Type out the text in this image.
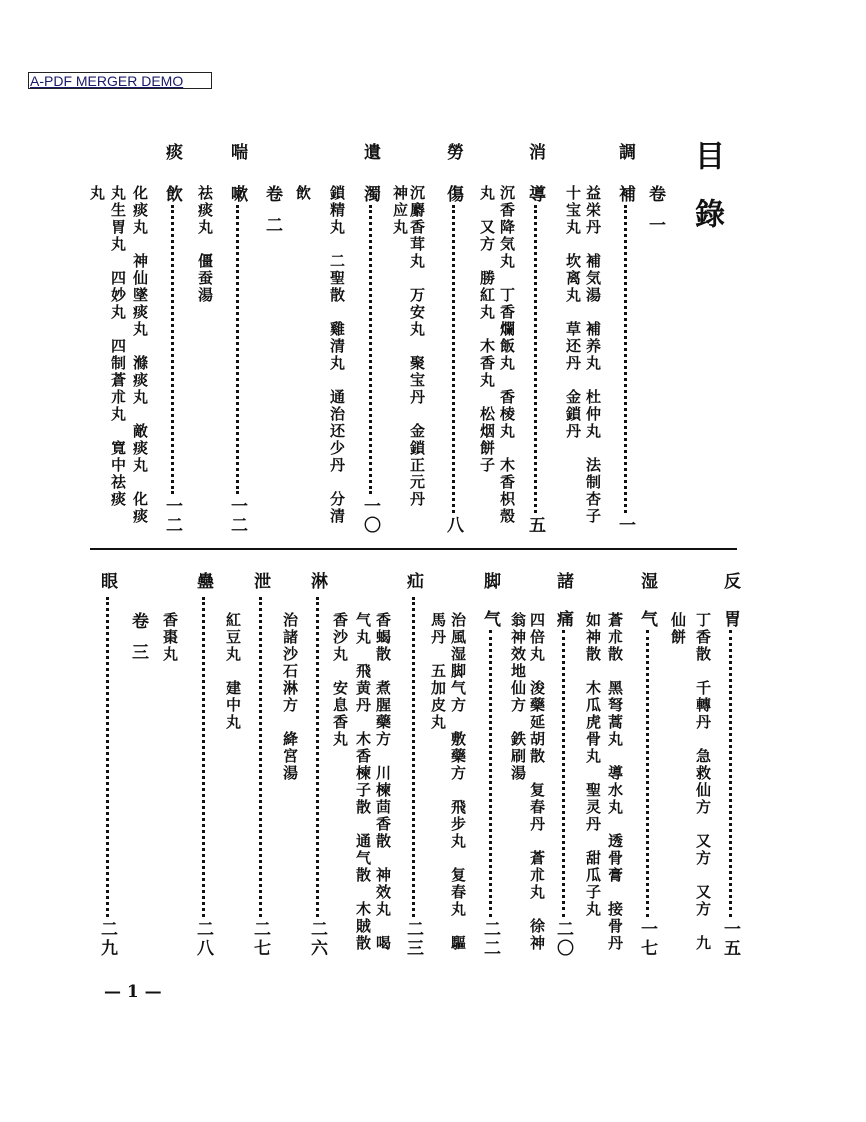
A-PDF MERGER DEMO
目錄
卷一
卷二
卷三
— 1 —
調
補
一
益栄丹　補気湯　補养丸　杜仲丸　法制杏子
十宝丸　坎离丸　草还丹　金鎖丹
消
導
五
沉香降気丸　丁香爛飯丸　香棱丸　木香枳殼
丸　又方　勝紅丸　木香丸　松烟餅子
勞
傷
八
沉麝香茸丸　万安丸　聚宝丹　金鎖正元丹
神应丸
遺
濁
一〇
鎖精丸　二聖散　雞清丸　通治还少丹　分清
飲
喘
嗽
一二
祛痰丸　僵蚕湯
痰
飲
一二
化痰丸　神仙墜痰丸　滌痰丸　敵痰丸　化痰
丸生胃丸　四妙丸　四制蒼朮丸　寬中祛痰
丸
反
胃
一五
丁香散　千轉丹　急救仙方　又方　又方　九
仙餅
湿
气
一七
蒼朮散　黑弩蒿丸　導水丸　透骨膏　接骨丹
如神散　木瓜虎骨丸　聖灵丹　甜瓜子丸
諸
痛
二〇
四倍丸　浚藥延胡散　复春丹　蒼朮丸　徐神
翁神效地仙方　鉄刷湯
脚
气
二二
治風湿脚气方　敷藥方　飛步丸　复春丸　驅
馬丹　五加皮丸
疝
二三
香蝎散　煮腥藥方　川楝茴香散　神效丸　喝
气丸　飛黄丹　木香楝子散　通气散　木賊散
香沙丸　安息香丸
淋
二六
治諸沙石淋方　絳宮湯
泄
二七
紅豆丸　建中丸
蠱
二八
香棗丸
眼
二九
